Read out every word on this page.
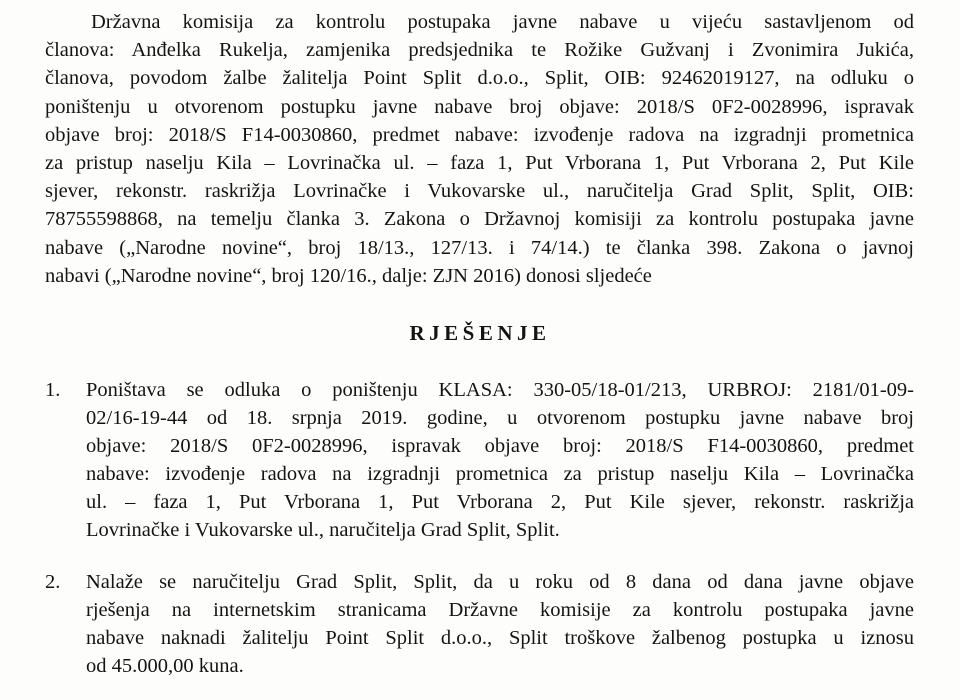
Državna komisija za kontrolu postupaka javne nabave u vijeću sastavljenom od

članova: Anđelka Rukelja, zamjenika predsjednika te Rožike Gužvanj i Zvonimira Jukića,

članova, povodom žalbe žalitelja Point Split d.o.o., Split, OIB: 92462019127, na odluku o

poništenju u otvorenom postupku javne nabave broj objave: 2018/S 0F2-0028996, ispravak

objave broj: 2018/S F14-0030860, predmet nabave: izvođenje radova na izgradnji prometnica

za pristup naselju Kila – Lovrinačka ul. – faza 1, Put Vrborana 1, Put Vrborana 2, Put Kile

sjever, rekonstr. raskrižja Lovrinačke i Vukovarske ul., naručitelja Grad Split, Split, OIB:

78755598868, na temelju članka 3. Zakona o Državnoj komisiji za kontrolu postupaka javne

nabave („Narodne novine“, broj 18/13., 127/13. i 74/14.) te članka 398. Zakona o javnoj

nabavi („Narodne novine“, broj 120/16., dalje: ZJN 2016) donosi sljedeće

RJEŠENJE
1. Poništava se odluka o poništenju KLASA: 330-05/18-01/213, URBROJ: 2181/01-09-

02/16-19-44 od 18. srpnja 2019. godine, u otvorenom postupku javne nabave broj

objave: 2018/S 0F2-0028996, ispravak objave broj: 2018/S F14-0030860, predmet

nabave: izvođenje radova na izgradnji prometnica za pristup naselju Kila – Lovrinačka

ul. – faza 1, Put Vrborana 1, Put Vrborana 2, Put Kile sjever, rekonstr. raskrižja

Lovrinačke i Vukovarske ul., naručitelja Grad Split, Split.

2. Nalaže se naručitelju Grad Split, Split, da u roku od 8 dana od dana javne objave

rješenja na internetskim stranicama Državne komisije za kontrolu postupaka javne

nabave naknadi žalitelju Point Split d.o.o., Split troškove žalbenog postupka u iznosu

od 45.000,00 kuna.
